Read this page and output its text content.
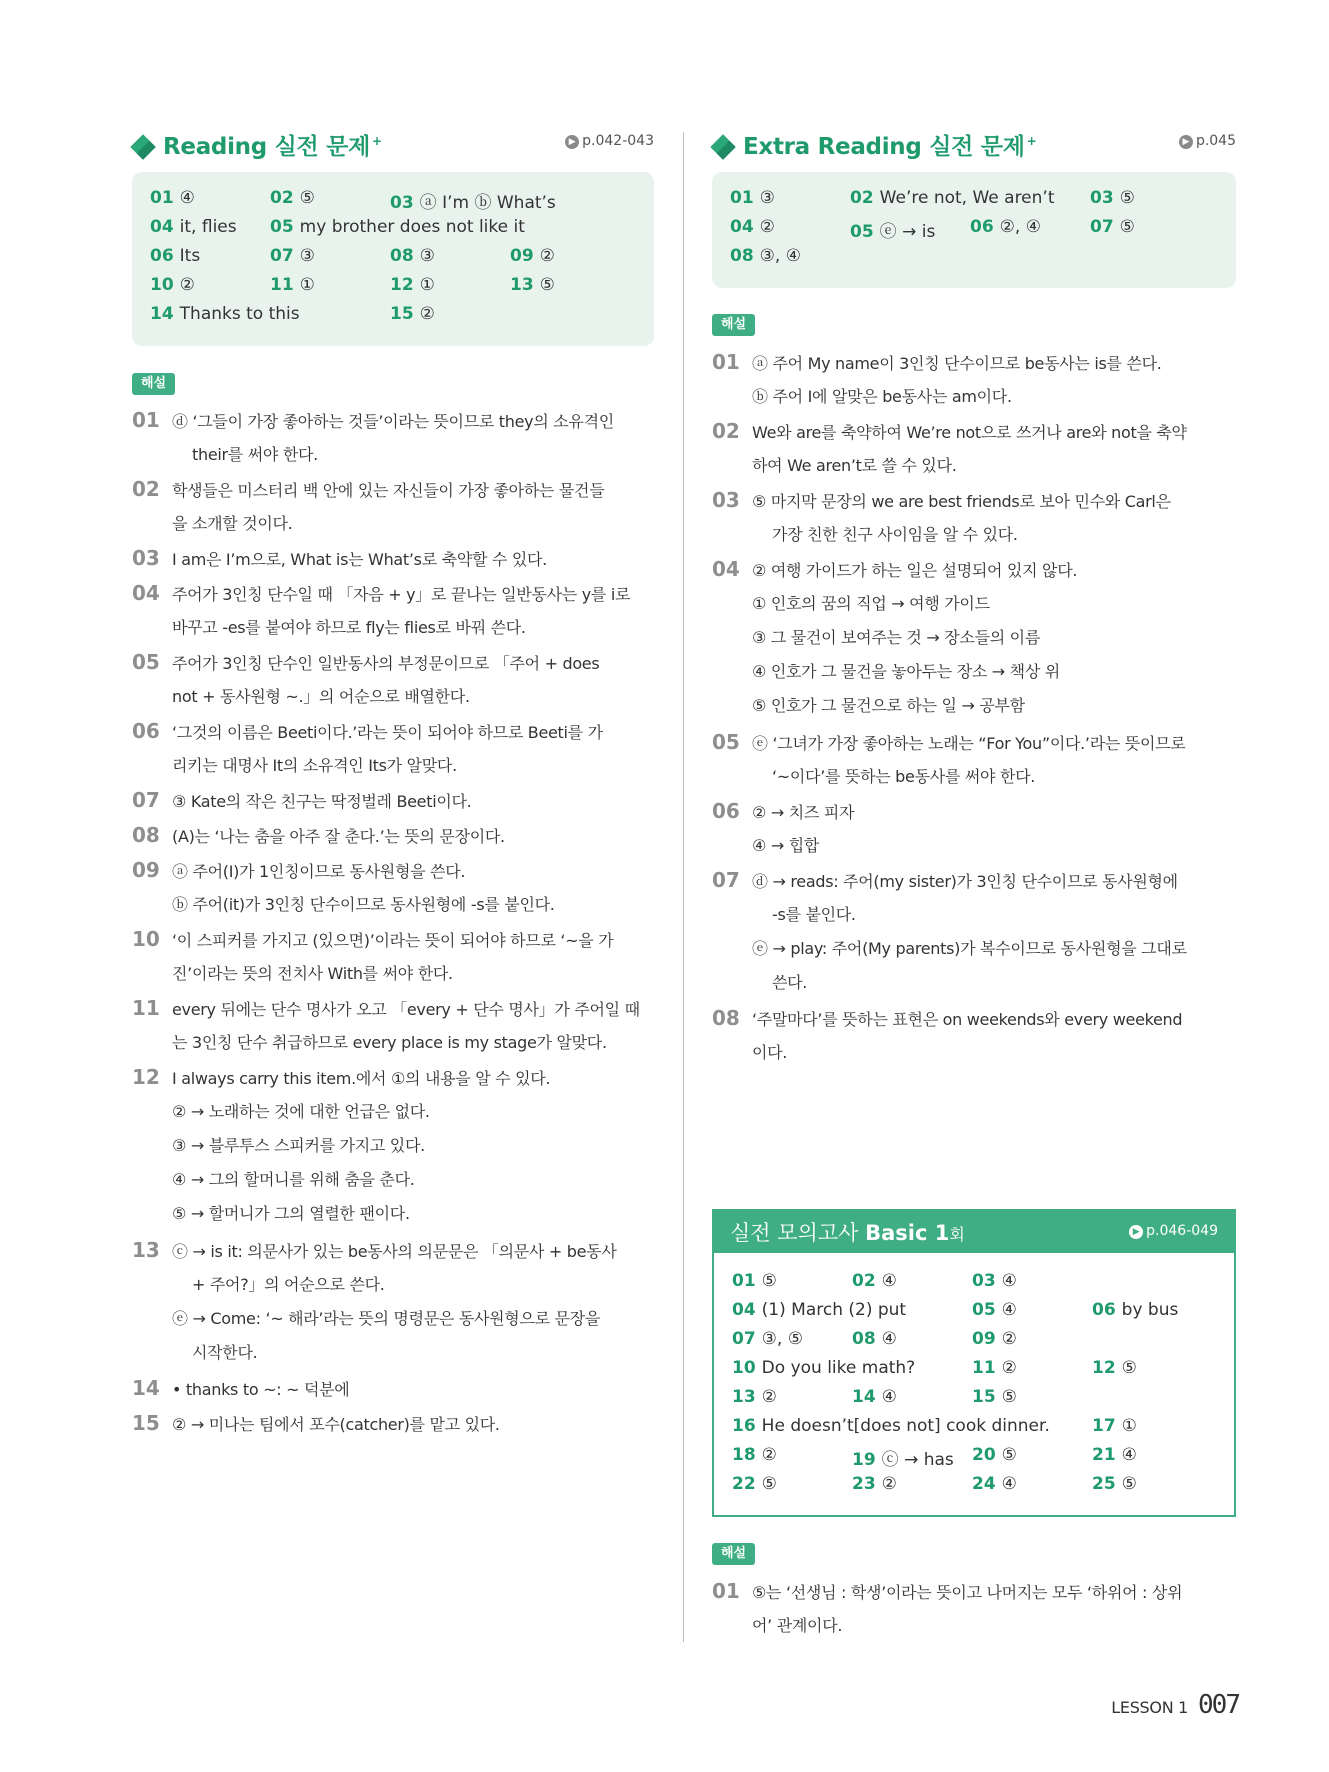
Reading 실전 문제 +	▶ p.042-043
01 ④	02 ⑤	03 ⓐ I’m ⓑ What’s
04 it, flies 05 my brother does not like it
06 Its	07 ③	08 ③	09 ②
10 ②	11 ①	12 ①	13 ⑤
14 Thanks to this	15 ②
해설
01 ⓓ ‘그들이 가장 좋아하는 것들’이라는 뜻이므로 they의 소유격인
their를 써야 한다.
02 학생들은 미스터리 백 안에 있는 자신들이 가장 좋아하는 물건들
을 소개할 것이다.
03 I am은 I’m으로, What is는 What’s로 축약할 수 있다.
04 주어가 3인칭 단수일 때 「자음 + y」로 끝나는 일반동사는 y를 i로
바꾸고 -es를 붙여야 하므로 fly는 flies로 바꿔 쓴다.
05 주어가 3인칭 단수인 일반동사의 부정문이므로 「주어 + does
not + 동사원형 ~.」의 어순으로 배열한다.
06 ‘그것의 이름은 Beeti이다.’라는 뜻이 되어야 하므로 Beeti를 가
리키는 대명사 It의 소유격인 Its가 알맞다.
07 ③ Kate의 작은 친구는 딱정벌레 Beeti이다.
08 (A)는 ‘나는 춤을 아주 잘 춘다.’는 뜻의 문장이다.
09 ⓐ 주어(I)가 1인칭이므로 동사원형을 쓴다.
ⓑ 주어(it)가 3인칭 단수이므로 동사원형에 -s를 붙인다.
10 ‘이 스피커를 가지고 (있으면)’이라는 뜻이 되어야 하므로 ‘~을 가
진’이라는 뜻의 전치사 With를 써야 한다.
11 every 뒤에는 단수 명사가 오고 「every + 단수 명사」가 주어일 때
는 3인칭 단수 취급하므로 every place is my stage가 알맞다.
12 I always carry this item.에서 ①의 내용을 알 수 있다.
② → 노래하는 것에 대한 언급은 없다.
③ → 블루투스 스피커를 가지고 있다.
④ → 그의 할머니를 위해 춤을 춘다.
⑤ → 할머니가 그의 열렬한 팬이다.
13 ⓒ → is it: 의문사가 있는 be동사의 의문문은 「의문사 + be동사
+ 주어?」의 어순으로 쓴다.
ⓔ → Come: ‘~ 해라’라는 뜻의 명령문은 동사원형으로 문장을
시작한다.
14 • thanks to ~: ~ 덕분에
15 ② → 미나는 팀에서 포수(catcher)를 맡고 있다.
Extra Reading 실전 문제 +	▶ p.045
01 ③	02 We’re not, We aren’t 03 ⑤
04 ②	05 ⓔ → is 06 ②, ④	07 ⑤
08 ③, ④
해설
01 ⓐ 주어 My name이 3인칭 단수이므로 be동사는 is를 쓴다.
ⓑ 주어 I에 알맞은 be동사는 am이다.
02 We와 are를 축약하여 We’re not으로 쓰거나 are와 not을 축약
하여 We aren’t로 쓸 수 있다.
03 ⑤ 마지막 문장의 we are best friends로 보아 민수와 Carl은
가장 친한 친구 사이임을 알 수 있다.
04 ② 여행 가이드가 하는 일은 설명되어 있지 않다.
① 인호의 꿈의 직업 → 여행 가이드
③ 그 물건이 보여주는 것 → 장소들의 이름
④ 인호가 그 물건을 놓아두는 장소 → 책상 위
⑤ 인호가 그 물건으로 하는 일 → 공부함
05 ⓔ ‘그녀가 가장 좋아하는 노래는 “For You”이다.’라는 뜻이므로
‘~이다’를 뜻하는 be동사를 써야 한다.
06 ② → 치즈 피자
④ → 힙합
07 ⓓ → reads: 주어(my sister)가 3인칭 단수이므로 동사원형에
-s를 붙인다.
ⓔ → play: 주어(My parents)가 복수이므로 동사원형을 그대로
쓴다.
08 ‘주말마다’를 뜻하는 표현은 on weekends와 every weekend
이다.
실전 모의고사 Basic 1회	▶ p.046-049
01 ⑤	02 ④	03 ④
04 (1) March (2) put	05 ④	06 by bus
07 ③, ⑤	08 ④	09 ②
10 Do you like math?	11 ②	12 ⑤
13 ②	14 ④	15 ⑤
16 He doesn’t[does not] cook dinner. 17 ①
18 ②	19 ⓒ → has 20 ⑤	21 ④
22 ⑤	23 ②	24 ④	25 ⑤
해설
01 ⑤는 ‘선생님 : 학생’이라는 뜻이고 나머지는 모두 ‘하위어 : 상위
어’ 관계이다.
LESSON 1 007
